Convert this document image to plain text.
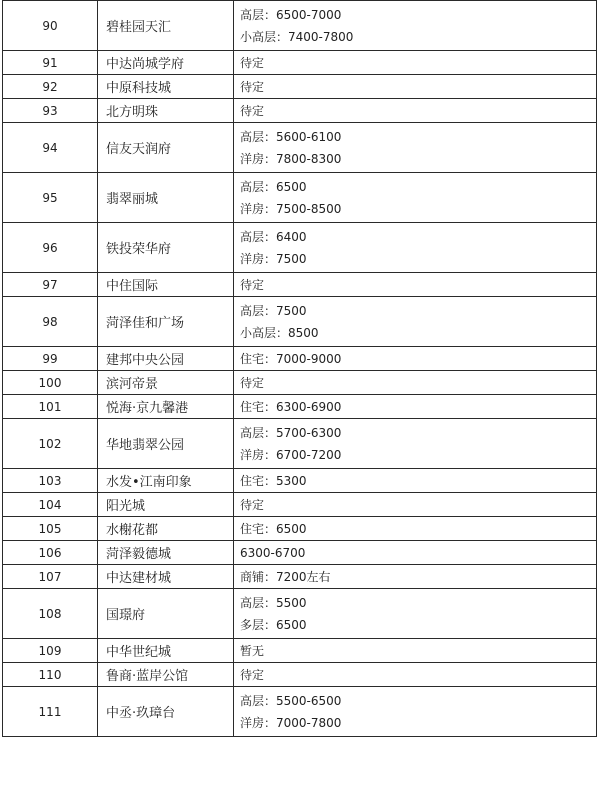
90	碧桂园天汇	高层：6500-7000
小高层：7400-7800

91	中达尚城学府	待定

92	中原科技城	待定

93	北方明珠	待定

94	信友天润府	高层：5600-6100
洋房：7800-8300

95	翡翠丽城	高层：6500
洋房：7500-8500

96	铁投荣华府	高层：6400
洋房：7500

97	中住国际	待定

98	菏泽佳和广场	高层：7500
小高层：8500

99	建邦中央公园	住宅：7000-9000

100	滨河帝景	待定

101	悦海·京九馨港	住宅：6300-6900

102	华地翡翠公园	高层：5700-6300
洋房：6700-7200

103	水发•江南印象	住宅：5300

104	阳光城	待定

105	水榭花都	住宅：6500

106	菏泽毅德城	6300-6700

107	中达建材城	商铺：7200左右

108	国璟府	高层：5500
多层：6500

109	中华世纪城	暂无

110	鲁商·蓝岸公馆	待定

111	中丞·玖璋台	高层：5500-6500
洋房：7000-7800
